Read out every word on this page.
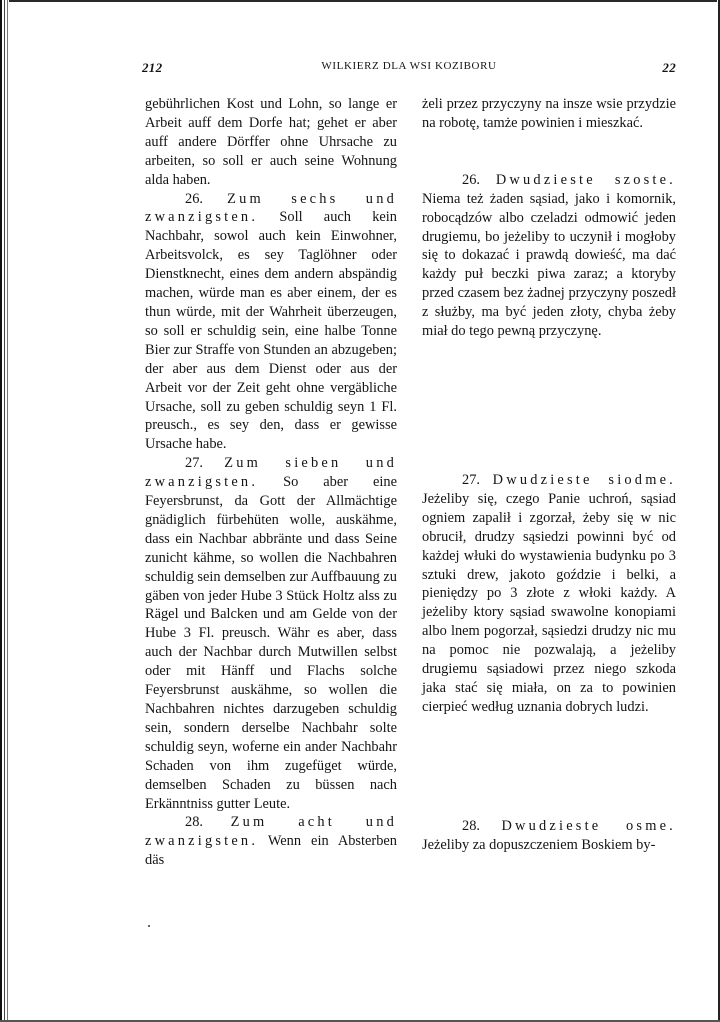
212	WILKIERZ DLA WSI KOZIBORU	22

gebührlichen Kost und Lohn, so lange er Arbeit auff dem Dorfe hat; gehet er aber auff andere Dörffer ohne Uhrsache zu arbeiten, so soll er auch seine Wohnung alda haben.

26. Zum sechs und zwanzigsten. Soll auch kein Nachbahr, sowol auch kein Einwohner, Arbeitsvolck, es sey Taglöhner oder Dienstknecht, eines dem andern abspändig machen, würde man es aber einem, der es thun würde, mit der Wahrheit überzeugen, so soll er schuldig sein, eine halbe Tonne Bier zur Straffe von Stunden an abzugeben; der aber aus dem Dienst oder aus der Arbeit vor der Zeit geht ohne vergäbliche Ursache, soll zu geben schuldig seyn 1 Fl. preusch., es sey den, dass er gewisse Ursache habe.

27. Zum sieben und zwanzigsten. So aber eine Feyersbrunst, da Gott der Allmächtige gnädiglich fürbehüten wolle, auskähme, dass ein Nachbar abbränte und dass Seine zunicht kähme, so wollen die Nachbahren schuldig sein demselben zur Auffbauung zu gäben von jeder Hube 3 Stück Holtz alss zu Rägel und Balcken und am Gelde von der Hube 3 Fl. preusch. Währ es aber, dass auch der Nachbar durch Mutwillen selbst oder mit Hänff und Flachs solche Feyersbrunst auskähme, so wollen die Nachbahren nichtes darzugeben schuldig sein, sondern derselbe Nachbahr solte schuldig seyn, woferne ein ander Nachbahr Schaden von ihm zugefüget würde, demselben Schaden zu büssen nach Erkänntniss gutter Leute.

28. Zum acht und zwanzigsten. Wenn ein Absterben däs

żeli przez przyczyny na insze wsie przydzie na robotę, tamże powinien i mieszkać.

26. Dwudzieste szoste. Niema też żaden sąsiad, jako i komornik, robocądzów albo czeladzi odmowić jeden drugiemu, bo jeżeliby to uczynił i mogłoby się to dokazać i prawdą dowieść, ma dać każdy puł beczki piwa zaraz; a ktoryby przed czasem bez żadnej przyczyny poszedł z służby, ma być jeden złoty, chyba żeby miał do tego pewną przyczynę.

27. Dwudzieste siodme. Jeżeliby się, czego Panie uchroń, sąsiad ogniem zapalił i zgorzał, żeby się w nic obrucił, drudzy sąsiedzi powinni być od każdej włuki do wystawienia budynku po 3 sztuki drew, jakoto goździe i belki, a pieniędzy po 3 złote z włoki każdy. A jeżeliby ktory sąsiad swawolne konopiami albo lnem pogorzał, sąsiedzi drudzy nic mu na pomoc nie pozwalają, a jeżeliby drugiemu sąsiadowi przez niego szkoda jaka stać się miała, on za to powinien cierpieć według uznania dobrych ludzi.

28. Dwudzieste osme. Jeżeliby za dopuszczeniem Boskiem by-
